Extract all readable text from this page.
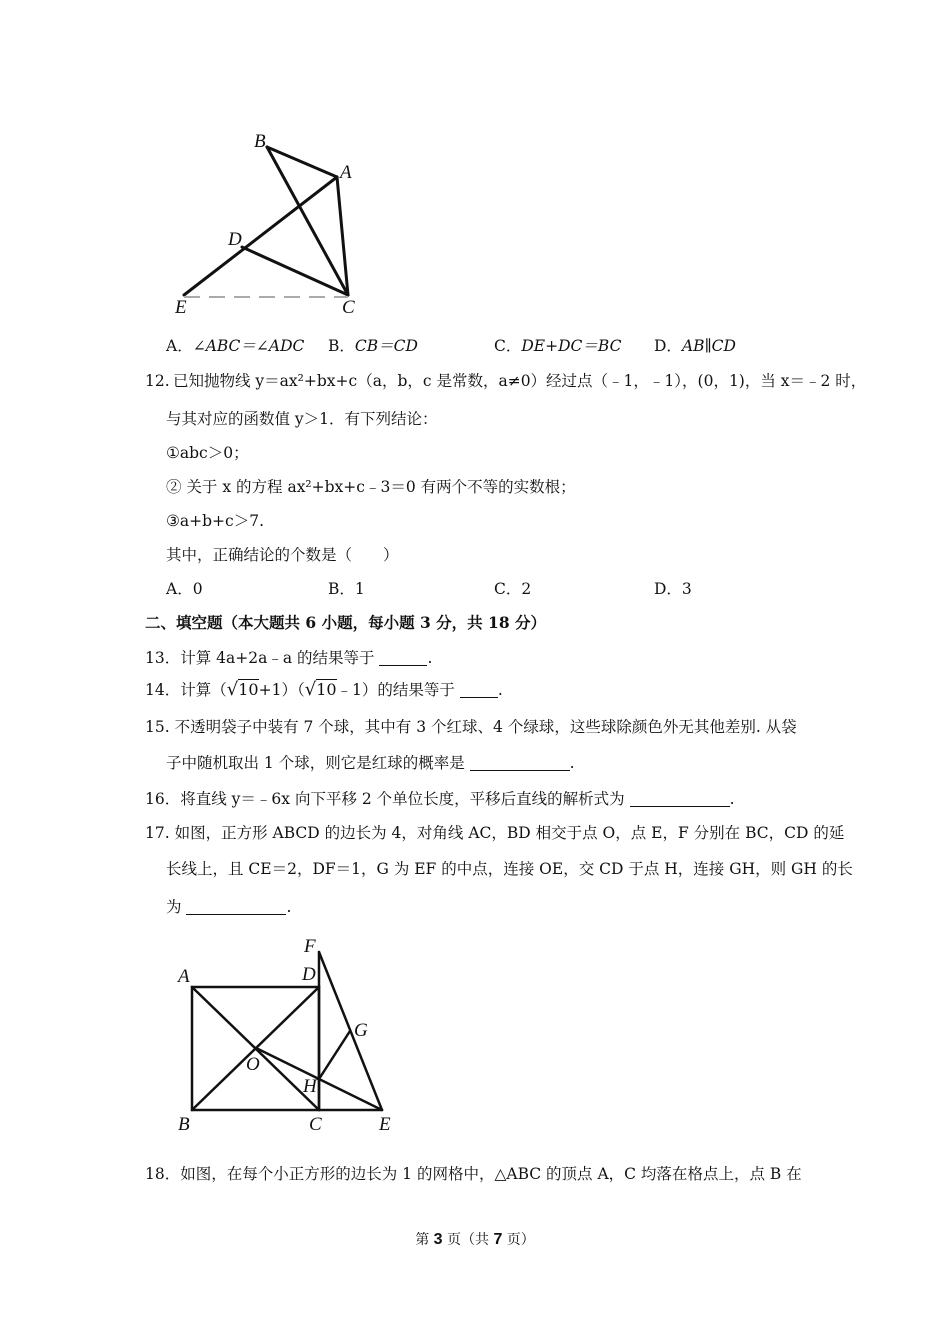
B
A
D
E	C
A．∠ABC＝∠ADC B．CB＝CD	C．DE+DC＝BC D．AB∥CD
12. 已知抛物线 y＝ax²+bx+c（a，b，c 是常数，a≠0）经过点（﹣1，﹣1），(0，1)，当 x＝﹣2 时，
与其对应的函数值 y＞1．有下列结论：
①abc＞0；
② 关于 x 的方程 ax²+bx+c﹣3＝0 有两个不等的实数根；
③a+b+c＞7.
其中，正确结论的个数是（　　）
A．0	B．1	C．2	D．3
二、填空题（本大题共 6 小题，每小题 3 分，共 18 分）
13．计算 4a+2a﹣a 的结果等于	.
14．计算（√10+1）（√10﹣1）的结果等于	.
15. 不透明袋子中装有 7 个球，其中有 3 个红球、4 个绿球，这些球除颜色外无其他差别. 从袋
子中随机取出 1 个球，则它是红球的概率是	.
16．将直线 y＝﹣6x 向下平移 2 个单位长度，平移后直线的解析式为	.
17. 如图，正方形 ABCD 的边长为 4，对角线 AC，BD 相交于点 O，点 E，F 分别在 BC，CD 的延
长线上，且 CE＝2，DF＝1，G 为 EF 的中点，连接 OE，交 CD 于点 H，连接 GH，则 GH 的长
为	.
A	D
F
G
O
H
B	C	E
18．如图，在每个小正方形的边长为 1 的网格中，△ABC 的顶点 A，C 均落在格点上，点 B 在
第 3 页（共 7 页）
